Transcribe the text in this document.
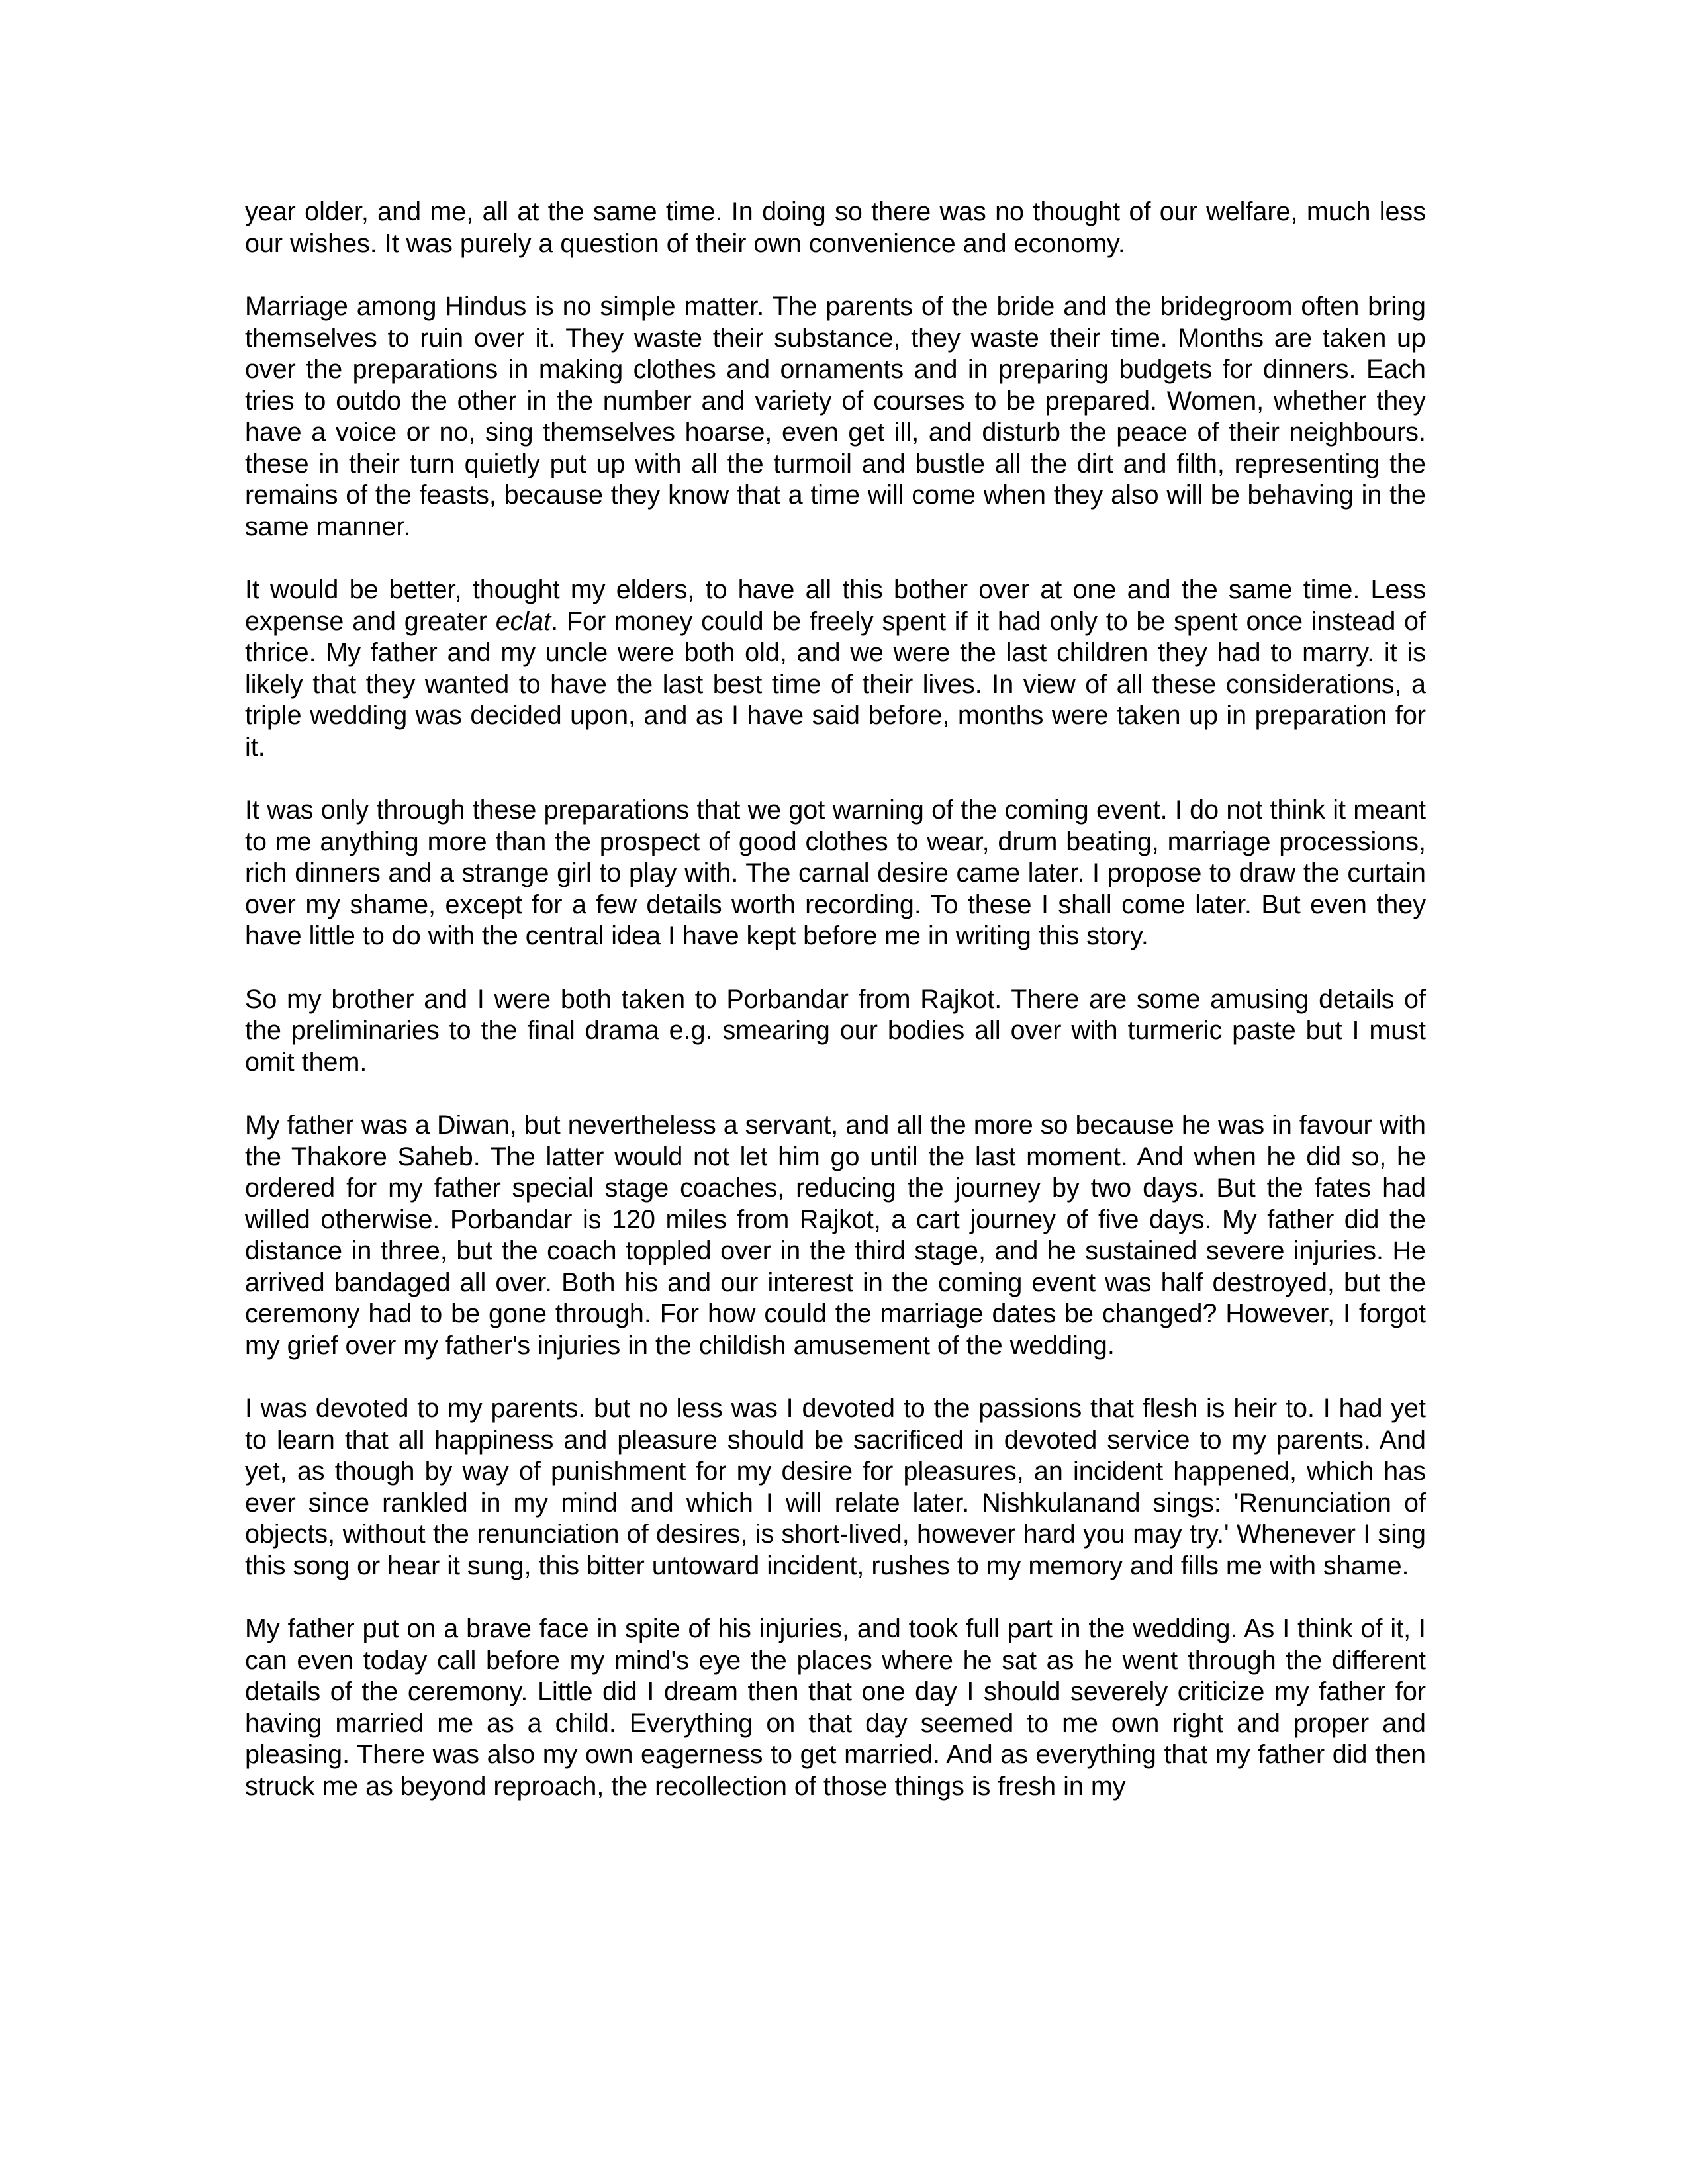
year older, and me, all at the same time. In doing so there was no thought of our welfare, much less our wishes. It was purely a question of their own convenience and economy.

Marriage among Hindus is no simple matter. The parents of the bride and the bridegroom often bring themselves to ruin over it. They waste their substance, they waste their time. Months are taken up over the preparations in making clothes and ornaments and in preparing budgets for dinners. Each tries to outdo the other in the number and variety of courses to be prepared. Women, whether they have a voice or no, sing themselves hoarse, even get ill, and disturb the peace of their neighbours. these in their turn quietly put up with all the turmoil and bustle all the dirt and filth, representing the remains of the feasts, because they know that a time will come when they also will be behaving in the same manner.

It would be better, thought my elders, to have all this bother over at one and the same time. Less expense and greater eclat. For money could be freely spent if it had only to be spent once instead of thrice. My father and my uncle were both old, and we were the last children they had to marry. it is likely that they wanted to have the last best time of their lives. In view of all these considerations, a triple wedding was decided upon, and as I have said before, months were taken up in preparation for it.

It was only through these preparations that we got warning of the coming event. I do not think it meant to me anything more than the prospect of good clothes to wear, drum beating, marriage processions, rich dinners and a strange girl to play with. The carnal desire came later. I propose to draw the curtain over my shame, except for a few details worth recording. To these I shall come later. But even they have little to do with the central idea I have kept before me in writing this story.

So my brother and I were both taken to Porbandar from Rajkot. There are some amusing details of the preliminaries to the final drama e.g. smearing our bodies all over with turmeric paste but I must omit them.

My father was a Diwan, but nevertheless a servant, and all the more so because he was in favour with the Thakore Saheb. The latter would not let him go until the last moment. And when he did so, he ordered for my father special stage coaches, reducing the journey by two days. But the fates had willed otherwise. Porbandar is 120 miles from Rajkot, a cart journey of five days. My father did the distance in three, but the coach toppled over in the third stage, and he sustained severe injuries. He arrived bandaged all over. Both his and our interest in the coming event was half destroyed, but the ceremony had to be gone through. For how could the marriage dates be changed? However, I forgot my grief over my father's injuries in the childish amusement of the wedding.

I was devoted to my parents. but no less was I devoted to the passions that flesh is heir to. I had yet to learn that all happiness and pleasure should be sacrificed in devoted service to my parents. And yet, as though by way of punishment for my desire for pleasures, an incident happened, which has ever since rankled in my mind and which I will relate later. Nishkulanand sings: 'Renunciation of objects, without the renunciation of desires, is short-lived, however hard you may try.' Whenever I sing this song or hear it sung, this bitter untoward incident, rushes to my memory and fills me with shame.

My father put on a brave face in spite of his injuries, and took full part in the wedding. As I think of it, I can even today call before my mind's eye the places where he sat as he went through the different details of the ceremony. Little did I dream then that one day I should severely criticize my father for having married me as a child. Everything on that day seemed to me own right and proper and pleasing. There was also my own eagerness to get married. And as everything that my father did then struck me as beyond reproach, the recollection of those things is fresh in my
